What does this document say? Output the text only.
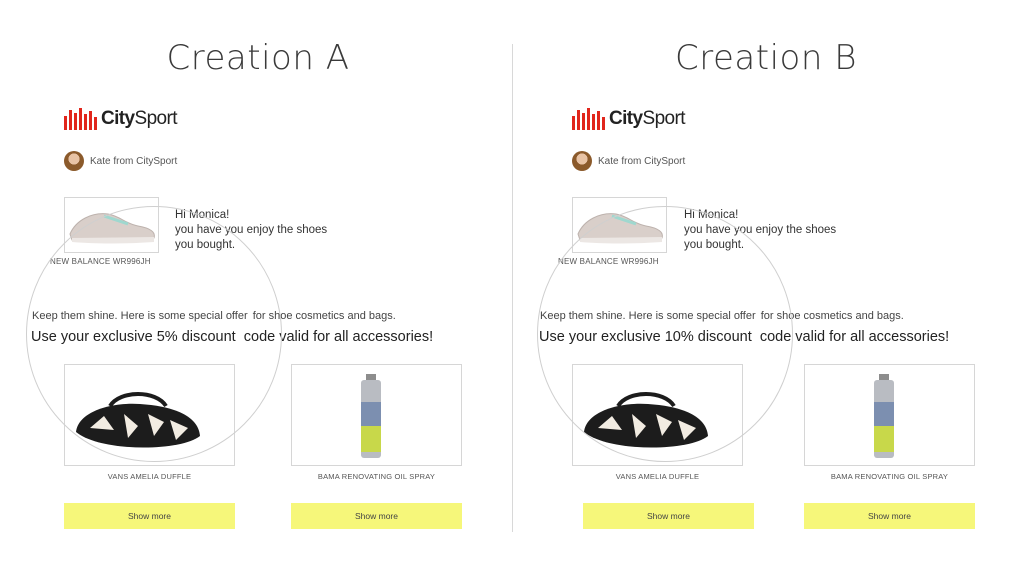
Creation A
CitySport
Kate from CitySport
NEW BALANCE WR996JH
Hi Monica!
you have you enjoy the shoes
you bought.
Keep them shine. Here is some special offer for shoe cosmetics and bags.
Use your exclusive 5% discount code valid for all accessories!
VANS AMELIA DUFFLE	BAMA RENOVATING OIL SPRAY
Show more	Show more
Creation B
CitySport
Kate from CitySport
NEW BALANCE WR996JH
Hi Monica!
you have you enjoy the shoes
you bought.
Keep them shine. Here is some special offer for shoe cosmetics and bags.
Use your exclusive 10% discount code valid for all accessories!
VANS AMELIA DUFFLE	BAMA RENOVATING OIL SPRAY
Show more	Show more
